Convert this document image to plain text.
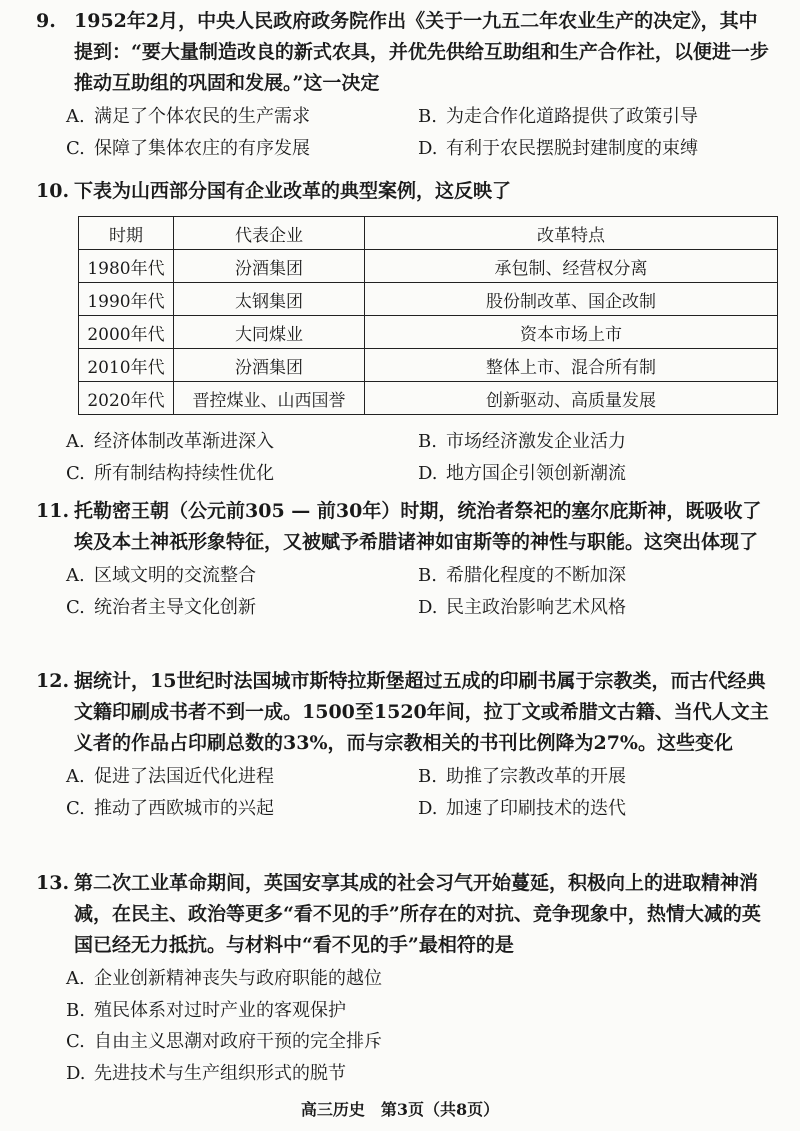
9. 1952年2月，中央人民政府政务院作出《关于一九五二年农业生产的决定》，其中提到：“要大量制造改良的新式农具，并优先供给互助组和生产合作社，以便进一步推动互助组的巩固和发展。”这一决定

A. 满足了个体农民的生产需求	B. 为走合作化道路提供了政策引导
C. 保障了集体农庄的有序发展	D. 有利于农民摆脱封建制度的束缚

10. 下表为山西部分国有企业改革的典型案例，这反映了

时期	代表企业	改革特点
1980年代	汾酒集团	承包制、经营权分离
1990年代	太钢集团	股份制改革、国企改制
2000年代	大同煤业	资本市场上市
2010年代	汾酒集团	整体上市、混合所有制
2020年代	晋控煤业、山西国誉	创新驱动、高质量发展
A. 经济体制改革渐进深入	B. 市场经济激发企业活力
C. 所有制结构持续性优化	D. 地方国企引领创新潮流

11. 托勒密王朝（公元前305 — 前30年）时期，统治者祭祀的塞尔庇斯神，既吸收了埃及本土神祇形象特征，又被赋予希腊诸神如宙斯等的神性与职能。这突出体现了

A. 区域文明的交流整合	B. 希腊化程度的不断加深
C. 统治者主导文化创新	D. 民主政治影响艺术风格

12. 据统计，15世纪时法国城市斯特拉斯堡超过五成的印刷书属于宗教类，而古代经典文籍印刷成书者不到一成。1500至1520年间，拉丁文或希腊文古籍、当代人文主义者的作品占印刷总数的33%，而与宗教相关的书刊比例降为27%。这些变化

A. 促进了法国近代化进程	B. 助推了宗教改革的开展
C. 推动了西欧城市的兴起	D. 加速了印刷技术的迭代

13. 第二次工业革命期间，英国安享其成的社会习气开始蔓延，积极向上的进取精神消减，在民主、政治等更多“看不见的手”所存在的对抗、竞争现象中，热情大减的英国已经无力抵抗。与材料中“看不见的手”最相符的是

A. 企业创新精神丧失与政府职能的越位
B. 殖民体系对过时产业的客观保护
C. 自由主义思潮对政府干预的完全排斥
D. 先进技术与生产组织形式的脱节
高三历史　第3页（共8页）
